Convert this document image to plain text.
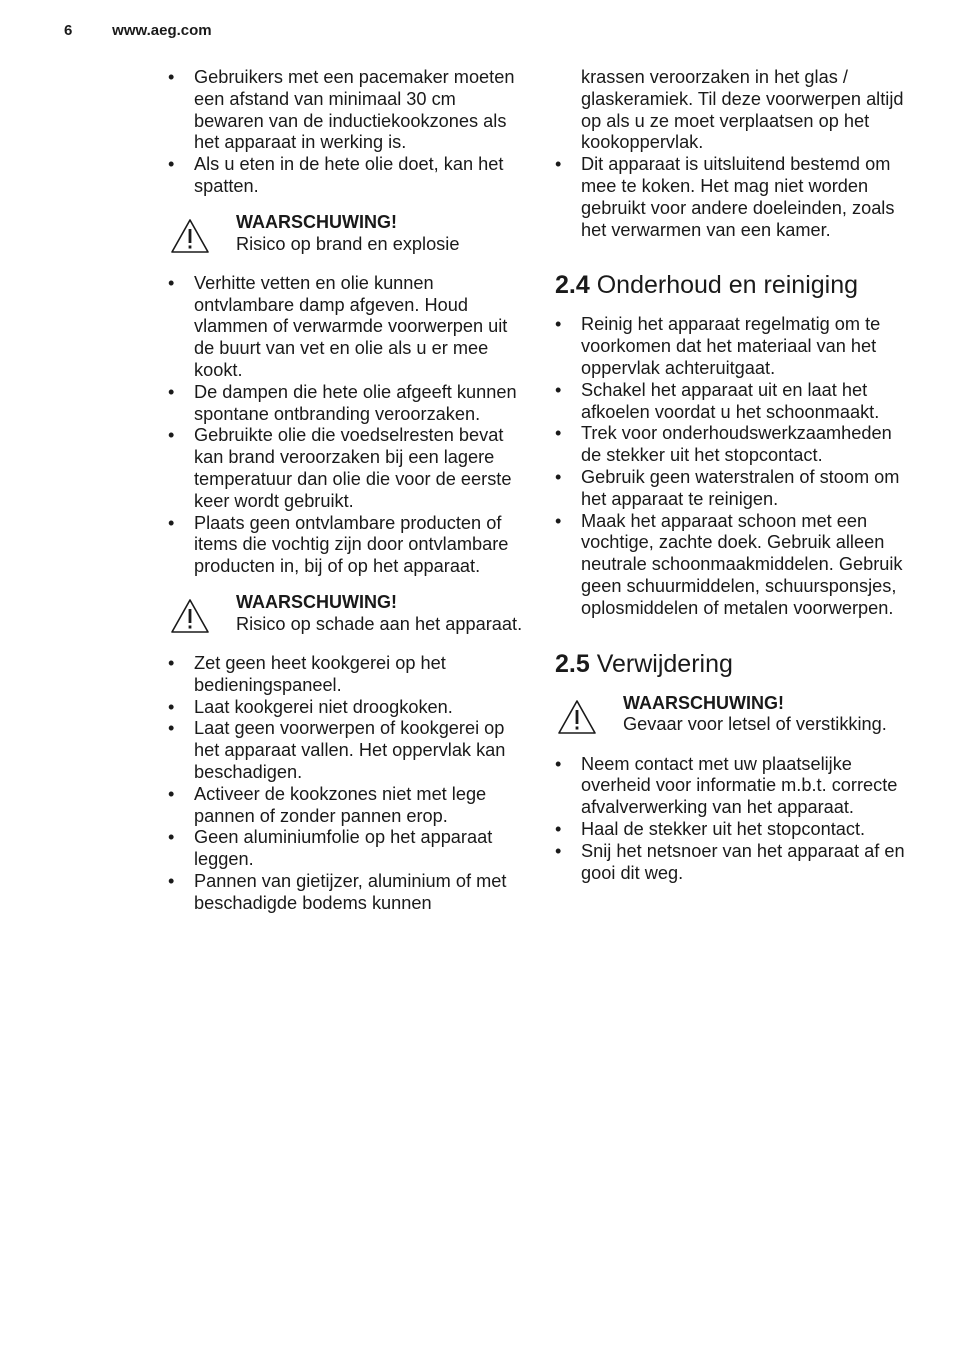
6	www.aeg.com
• Gebruikers met een pacemaker moeten een afstand van minimaal 30 cm bewaren van de inductiekookzones als het apparaat in werking is.
• Als u eten in de hete olie doet, kan het spatten.
WAARSCHUWING!
Risico op brand en explosie
• Verhitte vetten en olie kunnen ontvlambare damp afgeven. Houd vlammen of verwarmde voorwerpen uit de buurt van vet en olie als u er mee kookt.
• De dampen die hete olie afgeeft kunnen spontane ontbranding veroorzaken.
• Gebruikte olie die voedselresten bevat kan brand veroorzaken bij een lagere temperatuur dan olie die voor de eerste keer wordt gebruikt.
• Plaats geen ontvlambare producten of items die vochtig zijn door ontvlambare producten in, bij of op het apparaat.
WAARSCHUWING!
Risico op schade aan het apparaat.
• Zet geen heet kookgerei op het bedieningspaneel.
• Laat kookgerei niet droogkoken.
• Laat geen voorwerpen of kookgerei op het apparaat vallen. Het oppervlak kan beschadigen.
• Activeer de kookzones niet met lege pannen of zonder pannen erop.
• Geen aluminiumfolie op het apparaat leggen.
• Pannen van gietijzer, aluminium of met beschadigde bodems kunnen
krassen veroorzaken in het glas / glaskeramiek. Til deze voorwerpen altijd op als u ze moet verplaatsen op het kookoppervlak.
• Dit apparaat is uitsluitend bestemd om mee te koken. Het mag niet worden gebruikt voor andere doeleinden, zoals het verwarmen van een kamer.
2.4 Onderhoud en reiniging
• Reinig het apparaat regelmatig om te voorkomen dat het materiaal van het oppervlak achteruitgaat.
• Schakel het apparaat uit en laat het afkoelen voordat u het schoonmaakt.
• Trek voor onderhoudswerkzaamheden de stekker uit het stopcontact.
• Gebruik geen waterstralen of stoom om het apparaat te reinigen.
• Maak het apparaat schoon met een vochtige, zachte doek. Gebruik alleen neutrale schoonmaakmiddelen. Gebruik geen schuurmiddelen, schuursponsjes, oplosmiddelen of metalen voorwerpen.
2.5 Verwijdering
WAARSCHUWING!
Gevaar voor letsel of verstikking.
• Neem contact met uw plaatselijke overheid voor informatie m.b.t. correcte afvalverwerking van het apparaat.
• Haal de stekker uit het stopcontact.
• Snij het netsnoer van het apparaat af en gooi dit weg.
